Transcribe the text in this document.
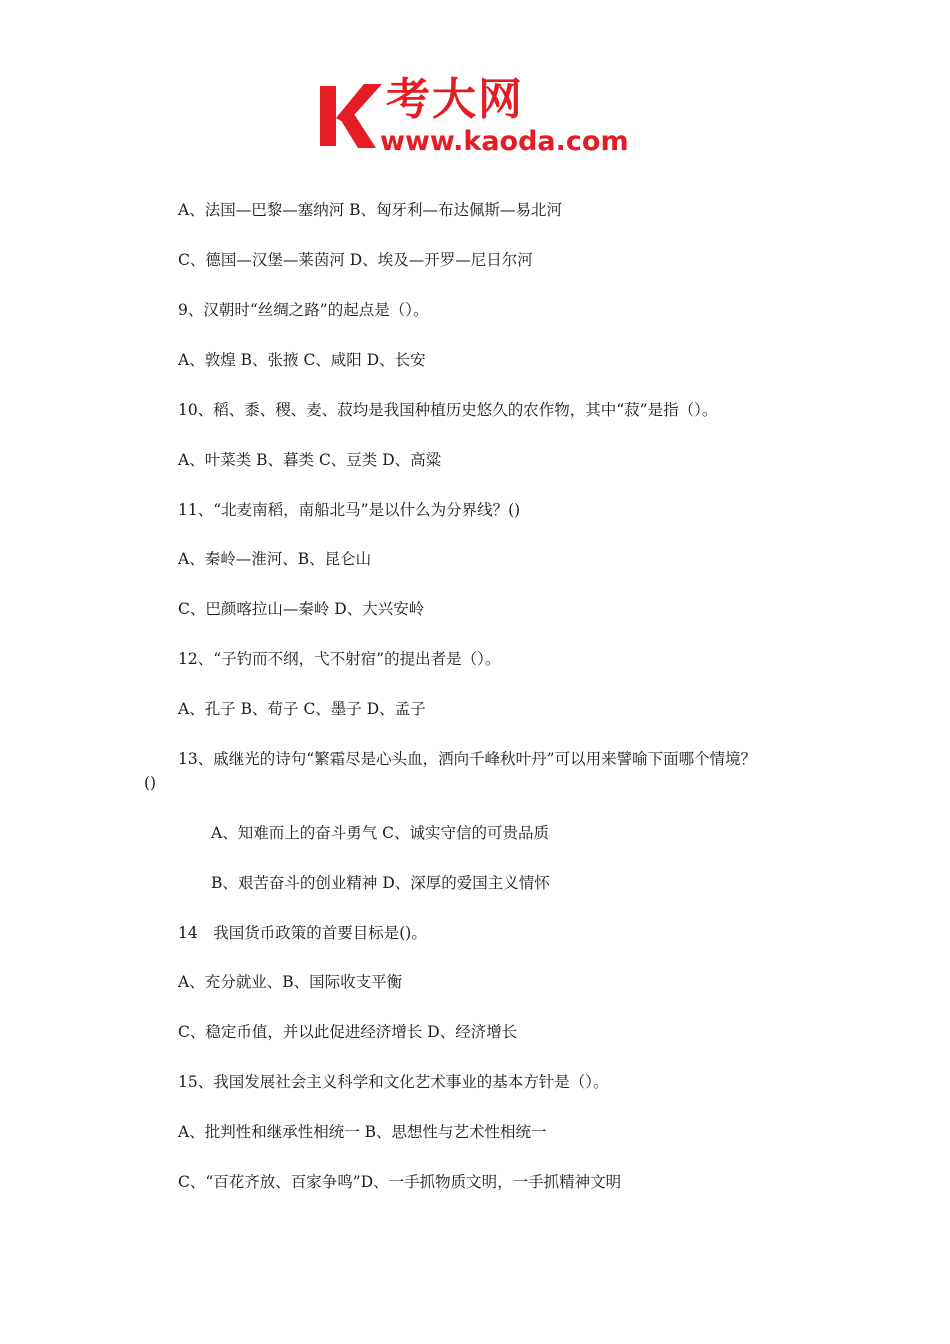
考大网
www.kaoda.com
A、法国—巴黎—塞纳河 B、匈牙利—布达佩斯—易北河
C、德国—汉堡—莱茵河 D、埃及—开罗—尼日尔河
9、汉朝时“丝绸之路”的起点是（）。
A、敦煌 B、张掖 C、咸阳 D、长安
10、稻、黍、稷、麦、菽均是我国种植历史悠久的农作物，其中“菽”是指（）。
A、叶菜类 B、暮类 C、豆类 D、高粱
11、“北麦南稻，南船北马”是以什么为分界线？()
A、秦岭—淮河、B、昆仑山
C、巴颜喀拉山—秦岭 D、大兴安岭
12、“子钓而不纲，弋不射宿”的提出者是（）。
A、孔子 B、荀子 C、墨子 D、孟子
13、戚继光的诗句“繁霜尽是心头血，洒向千峰秋叶丹”可以用来譬喻下面哪个情境？
()
A、知难而上的奋斗勇气 C、诚实守信的可贵品质
B、艰苦奋斗的创业精神 D、深厚的爱国主义情怀
14　我国货币政策的首要目标是()。
A、充分就业、B、国际收支平衡
C、稳定币值，并以此促进经济增长 D、经济增长
15、我国发展社会主义科学和文化艺术事业的基本方针是（）。
A、批判性和继承性相统一 B、思想性与艺术性相统一
C、“百花齐放、百家争鸣”D、一手抓物质文明，一手抓精神文明
